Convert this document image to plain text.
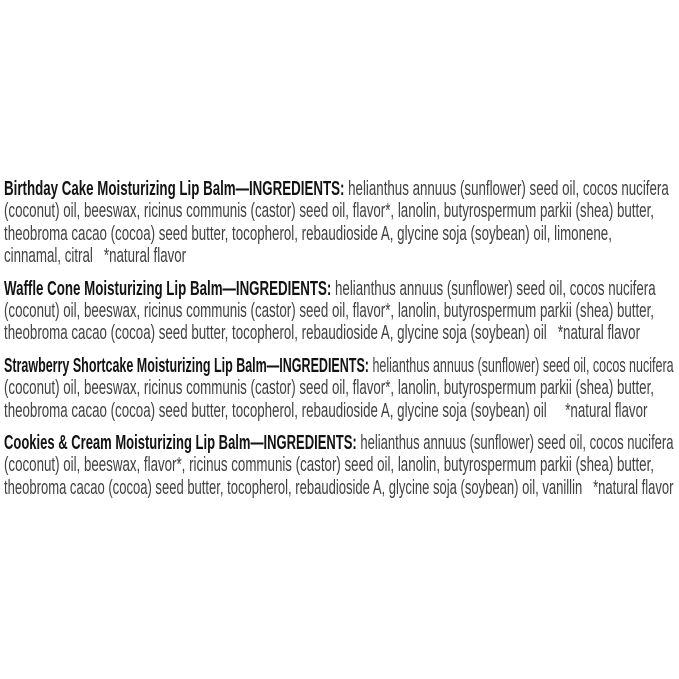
Birthday Cake Moisturizing Lip Balm—INGREDIENTS: helianthus annuus (sunflower) seed oil, cocos nucifera
(coconut) oil, beeswax, ricinus communis (castor) seed oil, flavor*, lanolin, butyrospermum parkii (shea) butter,
theobroma cacao (cocoa) seed butter, tocopherol, rebaudioside A, glycine soja (soybean) oil, limonene,
cinnamal, citral   *natural flavor

Waffle Cone Moisturizing Lip Balm—INGREDIENTS: helianthus annuus (sunflower) seed oil, cocos nucifera
(coconut) oil, beeswax, ricinus communis (castor) seed oil, flavor*, lanolin, butyrospermum parkii (shea) butter,
theobroma cacao (cocoa) seed butter, tocopherol, rebaudioside A, glycine soja (soybean) oil   *natural flavor

Strawberry Shortcake Moisturizing Lip Balm—INGREDIENTS: helianthus annuus (sunflower) seed oil, cocos nucifera
(coconut) oil, beeswax, ricinus communis (castor) seed oil, flavor*, lanolin, butyrospermum parkii (shea) butter,
theobroma cacao (cocoa) seed butter, tocopherol, rebaudioside A, glycine soja (soybean) oil     *natural flavor

Cookies & Cream Moisturizing Lip Balm—INGREDIENTS: helianthus annuus (sunflower) seed oil, cocos nucifera
(coconut) oil, beeswax, flavor*, ricinus communis (castor) seed oil, lanolin, butyrospermum parkii (shea) butter,
theobroma cacao (cocoa) seed butter, tocopherol, rebaudioside A, glycine soja (soybean) oil, vanillin   *natural flavor
